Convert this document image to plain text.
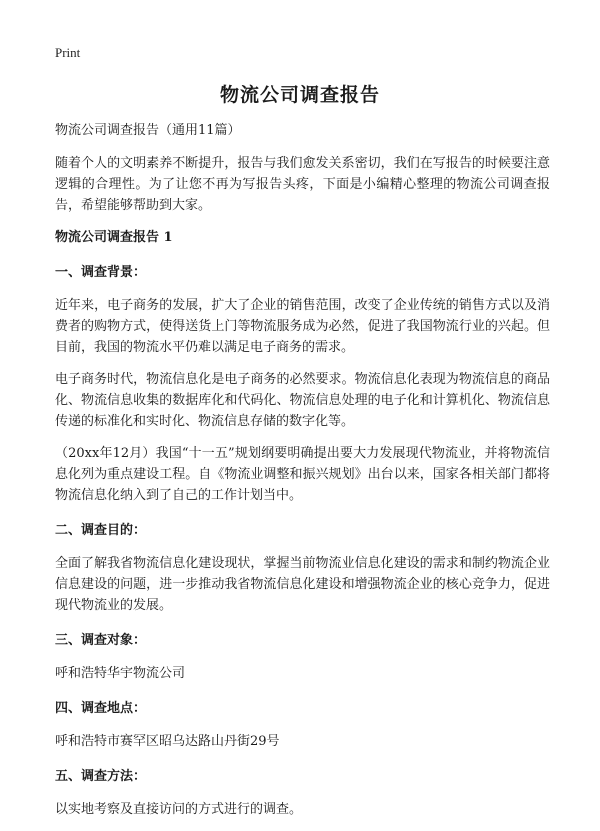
Print
物流公司调查报告

物流公司调查报告（通用11篇）

随着个人的文明素养不断提升，报告与我们愈发关系密切，我们在写报告的时候要注意逻辑的合理性。为了让您不再为写报告头疼，下面是小编精心整理的物流公司调查报告，希望能够帮助到大家。

物流公司调查报告 1

一、调查背景：

近年来，电子商务的发展，扩大了企业的销售范围，改变了企业传统的销售方式以及消费者的购物方式，使得送货上门等物流服务成为必然，促进了我国物流行业的兴起。但目前，我国的物流水平仍难以满足电子商务的需求。

电子商务时代，物流信息化是电子商务的必然要求。物流信息化表现为物流信息的商品化、物流信息收集的数据库化和代码化、物流信息处理的电子化和计算机化、物流信息传递的标准化和实时化、物流信息存储的数字化等。

（20xx年12月）我国“十一五”规划纲要明确提出要大力发展现代物流业，并将物流信息化列为重点建设工程。自《物流业调整和振兴规划》出台以来，国家各相关部门都将物流信息化纳入到了自己的工作计划当中。

二、调查目的：

全面了解我省物流信息化建设现状，掌握当前物流业信息化建设的需求和制约物流企业信息建设的问题，进一步推动我省物流信息化建设和增强物流企业的核心竞争力，促进现代物流业的发展。

三、调查对象：

呼和浩特华宇物流公司

四、调查地点：

呼和浩特市赛罕区昭乌达路山丹街29号

五、调查方法：

以实地考察及直接访问的方式进行的调查。
